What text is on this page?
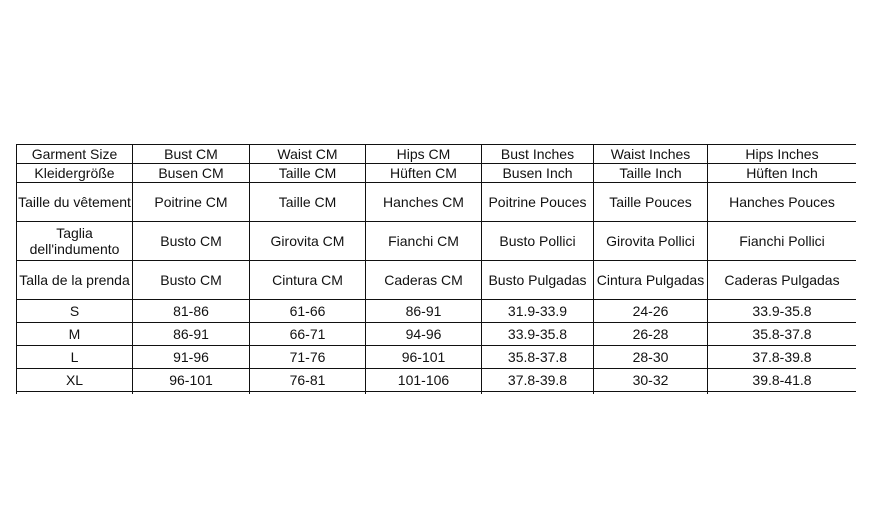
Garment Size	Bust CM	Waist CM	Hips CM	Bust Inches	Waist Inches	Hips Inches
Kleidergröße	Busen CM	Taille CM	Hüften CM	Busen Inch	Taille Inch	Hüften Inch
Taille du vêtement	Poitrine CM	Taille CM	Hanches CM	Poitrine Pouces	Taille Pouces	Hanches Pouces
Taglia dell'indumento	Busto CM	Girovita CM	Fianchi CM	Busto Pollici	Girovita Pollici	Fianchi Pollici
Talla de la prenda	Busto CM	Cintura CM	Caderas CM	Busto Pulgadas	Cintura Pulgadas	Caderas Pulgadas
S	81-86	61-66	86-91	31.9-33.9	24-26	33.9-35.8
M	86-91	66-71	94-96	33.9-35.8	26-28	35.8-37.8
L	91-96	71-76	96-101	35.8-37.8	28-30	37.8-39.8
XL	96-101	76-81	101-106	37.8-39.8	30-32	39.8-41.8
